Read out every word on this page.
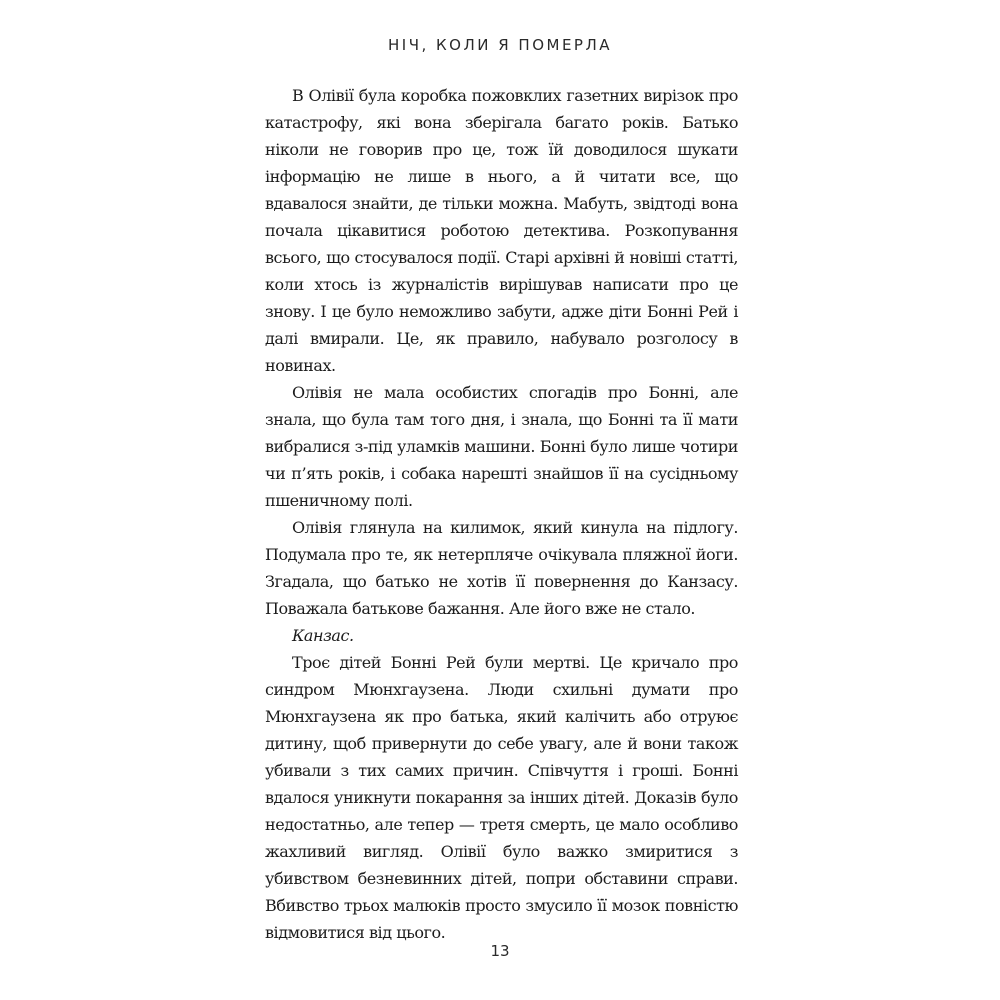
НІЧ, КОЛИ Я ПОМЕРЛА

В Олівії була коробка пожовклих газетних вирізок про катастрофу, які вона зберігала багато років. Батько ніколи не говорив про це, тож їй доводилося шукати інформацію не лише в нього, а й читати все, що вдавалося знайти, де тільки можна. Мабуть, звідтоді вона почала цікавитися роботою детектива. Розкопування всього, що стосувалося події. Старі архівні й новіші статті, коли хтось із журналістів вирішував написати про це знову. І це було неможливо забути, адже діти Бонні Рей і далі вмирали. Це, як правило, набувало розголосу в новинах.

Олівія не мала особистих спогадів про Бонні, але знала, що була там того дня, і знала, що Бонні та її мати вибралися з-під уламків машини. Бонні було лише чотири чи п’ять років, і собака нарешті знайшов її на сусідньому пшеничному полі.

Олівія глянула на килимок, який кинула на підлогу. Подумала про те, як нетерпляче очікувала пляжної йоги. Згадала, що батько не хотів її повернення до Канзасу. Поважала батькове бажання. Але його вже не стало.

Канзас.

Троє дітей Бонні Рей були мертві. Це кричало про синдром Мюнхгаузена. Люди схильні думати про Мюнхгаузена як про батька, який калічить або отруює дитину, щоб привернути до себе увагу, але й вони також убивали з тих самих причин. Співчуття і гроші. Бонні вдалося уникнути покарання за інших дітей. Доказів було недостатньо, але тепер — третя смерть, це мало особливо жахливий вигляд. Олівії було важко змиритися з убивством безневинних дітей, попри обставини справи. Вбивство трьох малюків просто змусило її мозок повністю відмовитися від цього.

13
